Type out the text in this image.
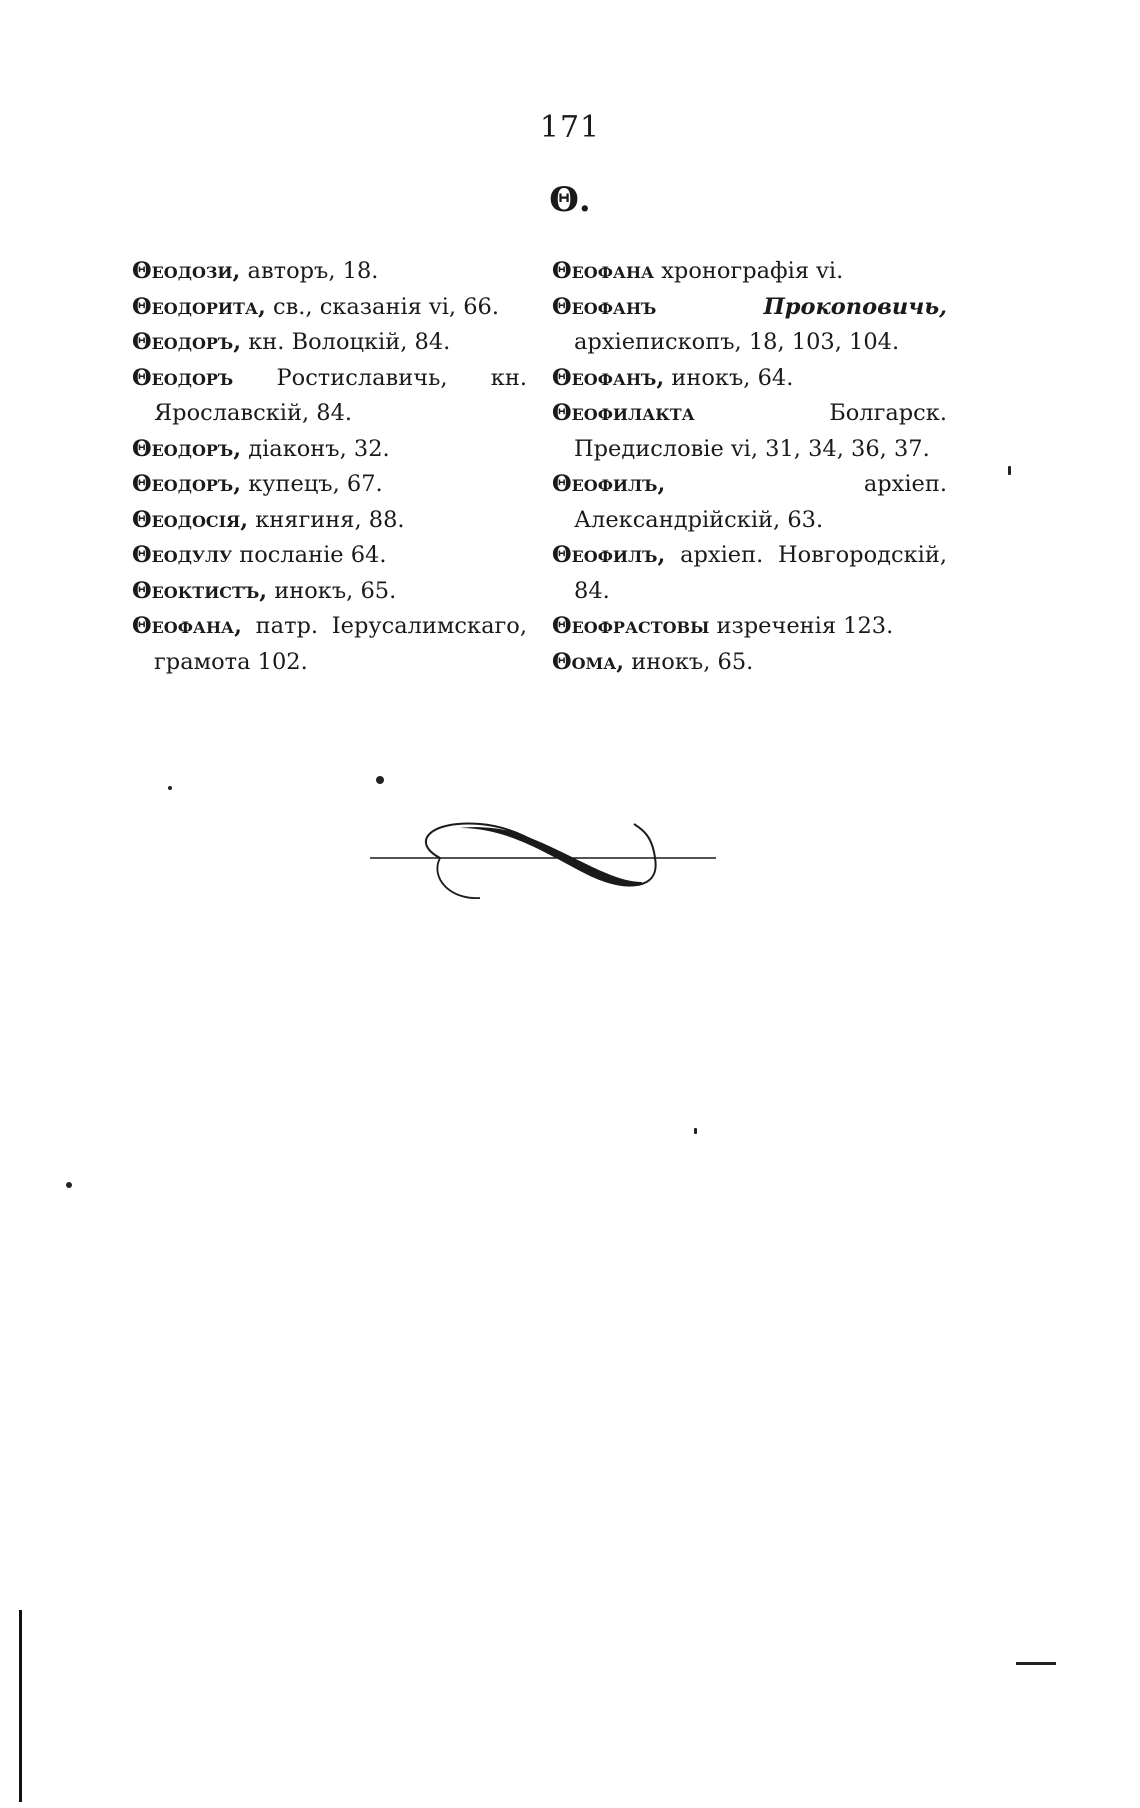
171
Θ.

Θεοдози, авторъ, 18.

Θεοдорита, св., сказанія vi, 66.

Θεοдоръ, кн. Волоцкій, 84.

Θεοдоръ Ростиславичь, кн. Ярославскій, 84.

Θεοдоръ, діаконъ, 32.

Θεοдоръ, купецъ, 67.

Θεοдосія, княгиня, 88.

Θεοдулу посланіе 64.

Θεοктистъ, инокъ, 65.

Θεοфана, патр. Іерусалимскаго, грамота 102.

Θεοфана хронографія vi.

Θεοфанъ Прокоповичь, архіепископъ, 18, 103, 104.

Θεοфанъ, инокъ, 64.

Θεοфилакта Болгарск. Предисловіе vi, 31, 34, 36, 37.

Θεοфилъ, архіеп. Александрійскій, 63.

Θεοфилъ, архіеп. Новгородскій, 84.

Θεοфрастовы изреченія 123.

Θома, инокъ, 65.
